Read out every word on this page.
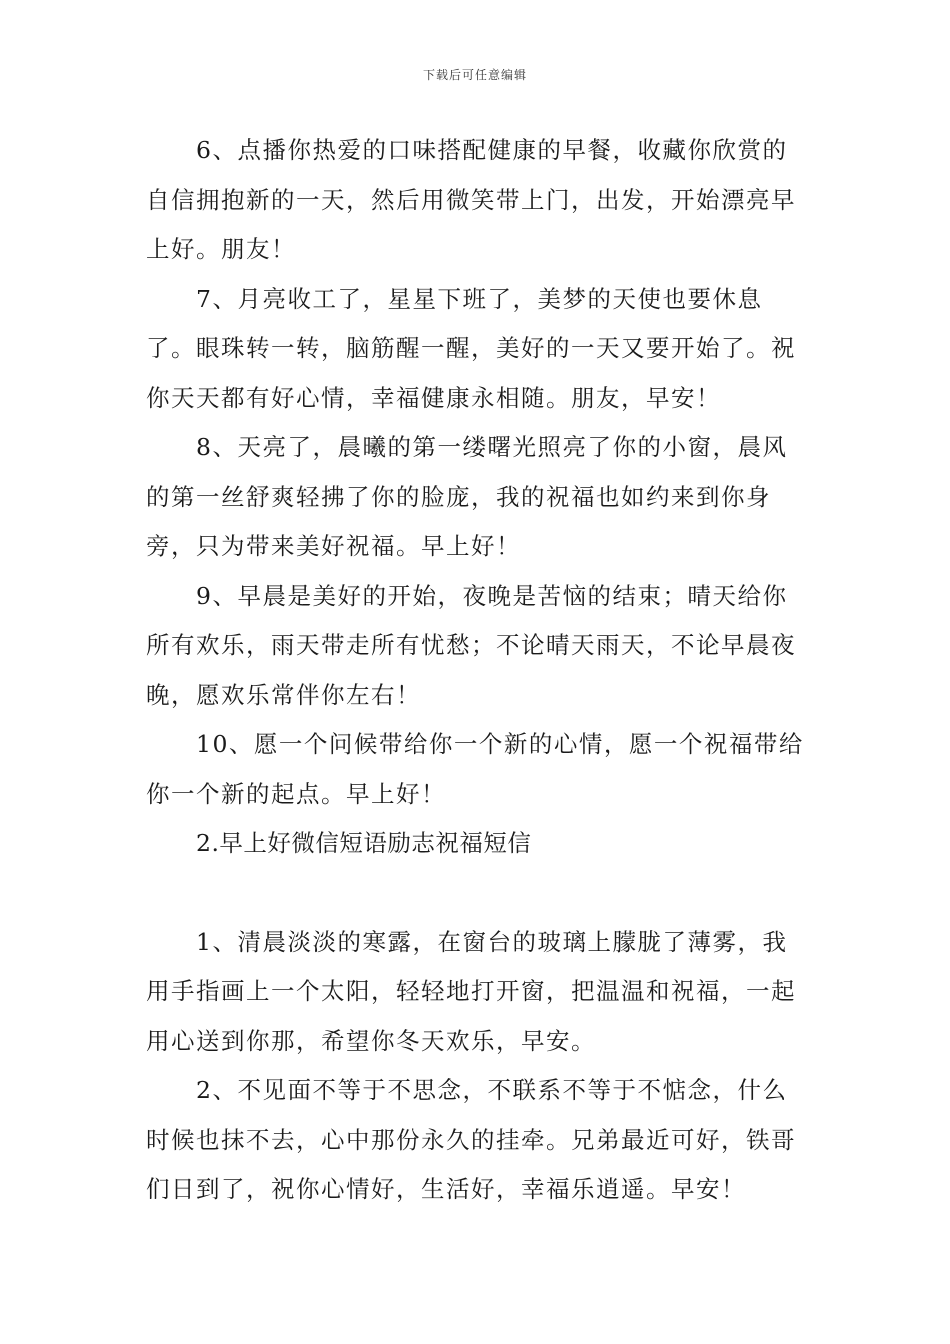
下载后可任意编辑

6、点播你热爱的口味搭配健康的早餐，收藏你欣赏的自信拥抱新的一天，然后用微笑带上门，出发，开始漂亮早上好。朋友！

7、月亮收工了，星星下班了，美梦的天使也要休息了。眼珠转一转，脑筋醒一醒，美好的一天又要开始了。祝你天天都有好心情，幸福健康永相随。朋友，早安！

8、天亮了，晨曦的第一缕曙光照亮了你的小窗，晨风的第一丝舒爽轻拂了你的脸庞，我的祝福也如约来到你身旁，只为带来美好祝福。早上好！

9、早晨是美好的开始，夜晚是苦恼的结束；晴天给你所有欢乐，雨天带走所有忧愁；不论晴天雨天，不论早晨夜晚，愿欢乐常伴你左右！

10、愿一个问候带给你一个新的心情，愿一个祝福带给你一个新的起点。早上好！

2.早上好微信短语励志祝福短信

1、清晨淡淡的寒露，在窗台的玻璃上朦胧了薄雾，我用手指画上一个太阳，轻轻地打开窗，把温温和祝福，一起用心送到你那，希望你冬天欢乐，早安。

2、不见面不等于不思念，不联系不等于不惦念，什么时候也抹不去，心中那份永久的挂牵。兄弟最近可好，铁哥们日到了，祝你心情好，生活好，幸福乐逍遥。早安！
